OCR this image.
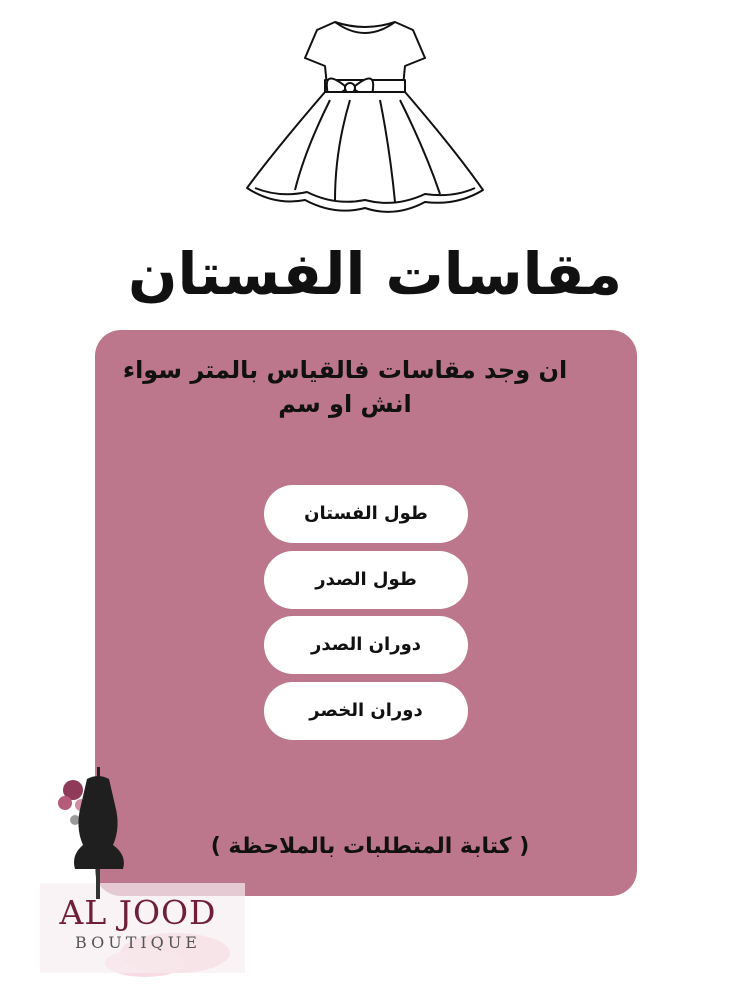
مقاسات الفستان
ان وجد مقاسات فالقياس بالمتر سواء انش او سم
طول الفستان
طول الصدر
دوران الصدر
دوران الخصر
( كتابة المتطلبات بالملاحظة )
AL JOOD
BOUTIQUE
